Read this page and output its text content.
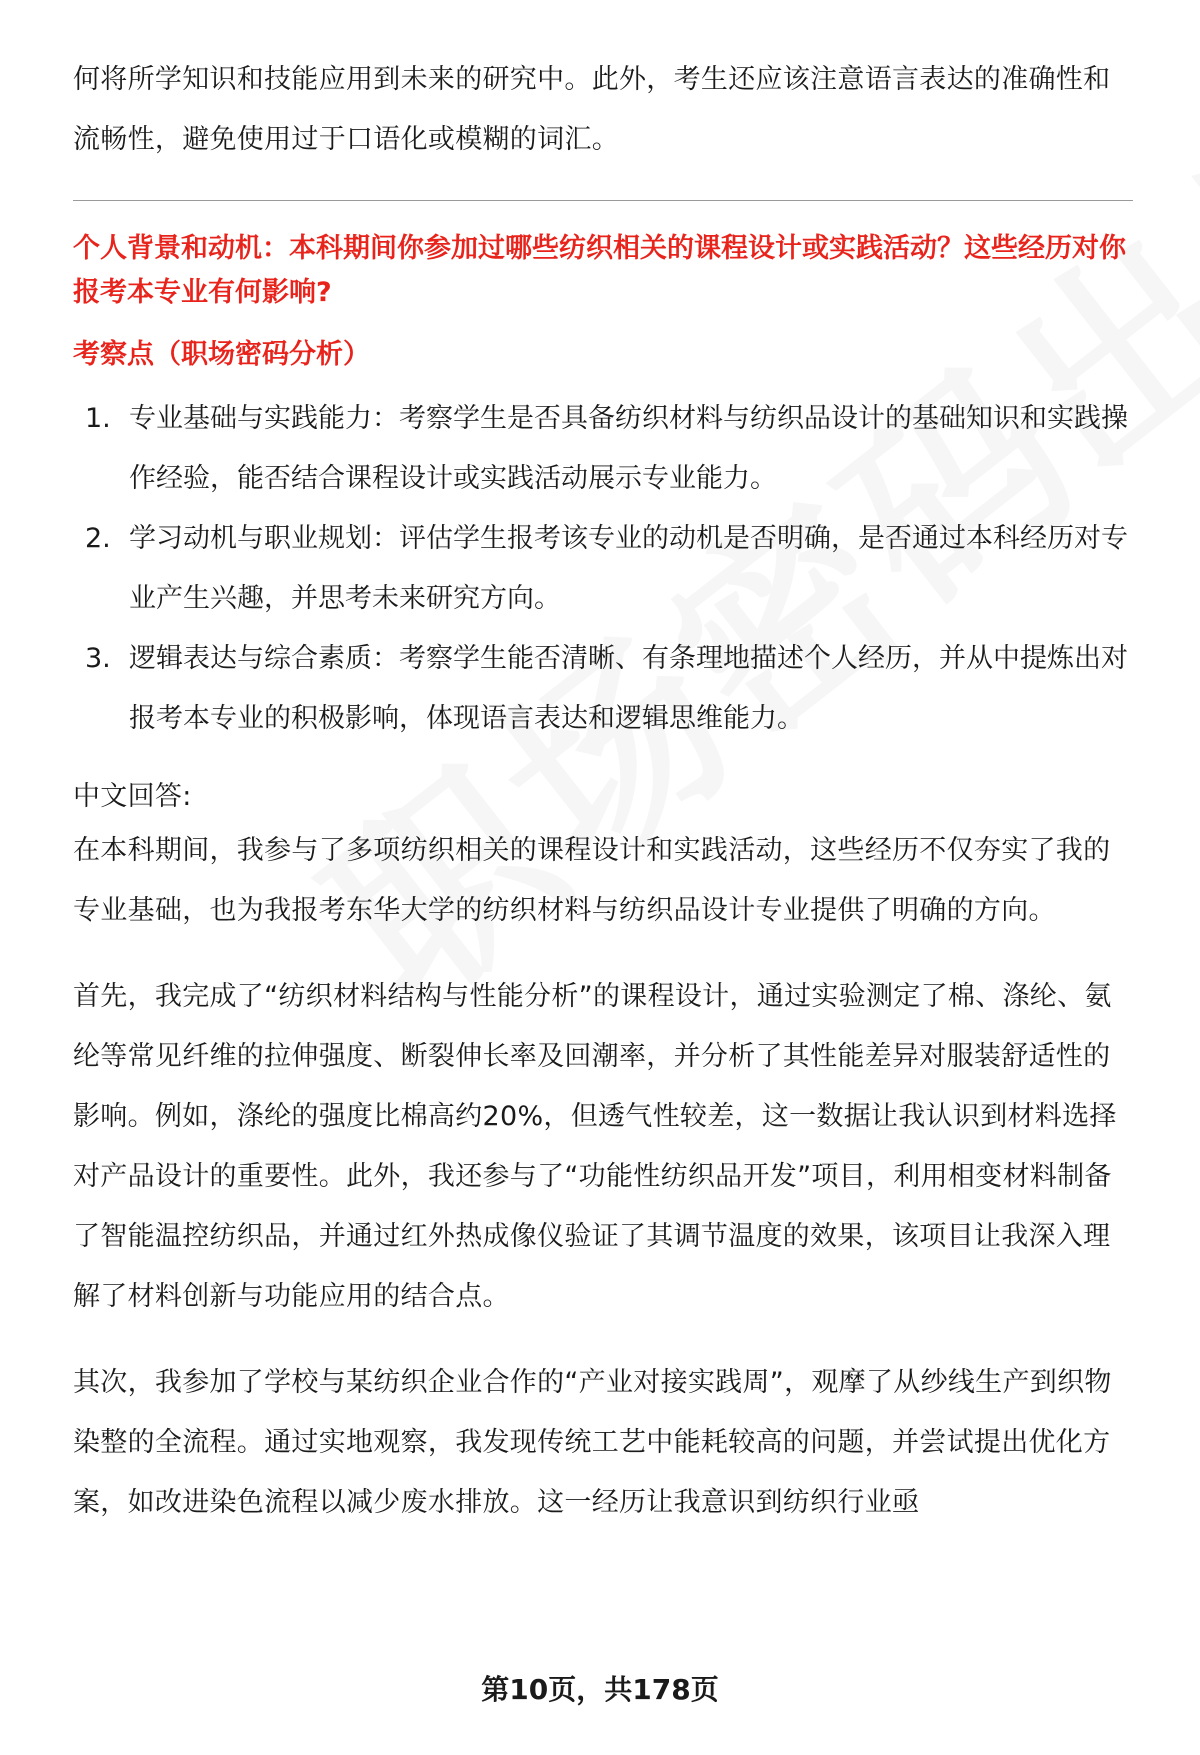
何将所学知识和技能应用到未来的研究中。此外，考生还应该注意语言表达的准确性和流畅性，避免使用过于口语化或模糊的词汇。

个人背景和动机：本科期间你参加过哪些纺织相关的课程设计或实践活动？这些经历对你报考本专业有何影响?
考察点（职场密码分析）
1. 专业基础与实践能力：考察学生是否具备纺织材料与纺织品设计的基础知识和实践操作经验，能否结合课程设计或实践活动展示专业能力。
2. 学习动机与职业规划：评估学生报考该专业的动机是否明确，是否通过本科经历对专业产生兴趣，并思考未来研究方向。
3. 逻辑表达与综合素质：考察学生能否清晰、有条理地描述个人经历，并从中提炼出对报考本专业的积极影响，体现语言表达和逻辑思维能力。

中文回答:

在本科期间，我参与了多项纺织相关的课程设计和实践活动，这些经历不仅夯实了我的专业基础，也为我报考东华大学的纺织材料与纺织品设计专业提供了明确的方向。

首先，我完成了“纺织材料结构与性能分析”的课程设计，通过实验测定了棉、涤纶、氨纶等常见纤维的拉伸强度、断裂伸长率及回潮率，并分析了其性能差异对服装舒适性的影响。例如，涤纶的强度比棉高约20%，但透气性较差，这一数据让我认识到材料选择对产品设计的重要性。此外，我还参与了“功能性纺织品开发”项目，利用相变材料制备了智能温控纺织品，并通过红外热成像仪验证了其调节温度的效果，该项目让我深入理解了材料创新与功能应用的结合点。

其次，我参加了学校与某纺织企业合作的“产业对接实践周”，观摩了从纱线生产到织物染整的全流程。通过实地观察，我发现传统工艺中能耗较高的问题，并尝试提出优化方案，如改进染色流程以减少废水排放。这一经历让我意识到纺织行业亟

第10页，共178页
